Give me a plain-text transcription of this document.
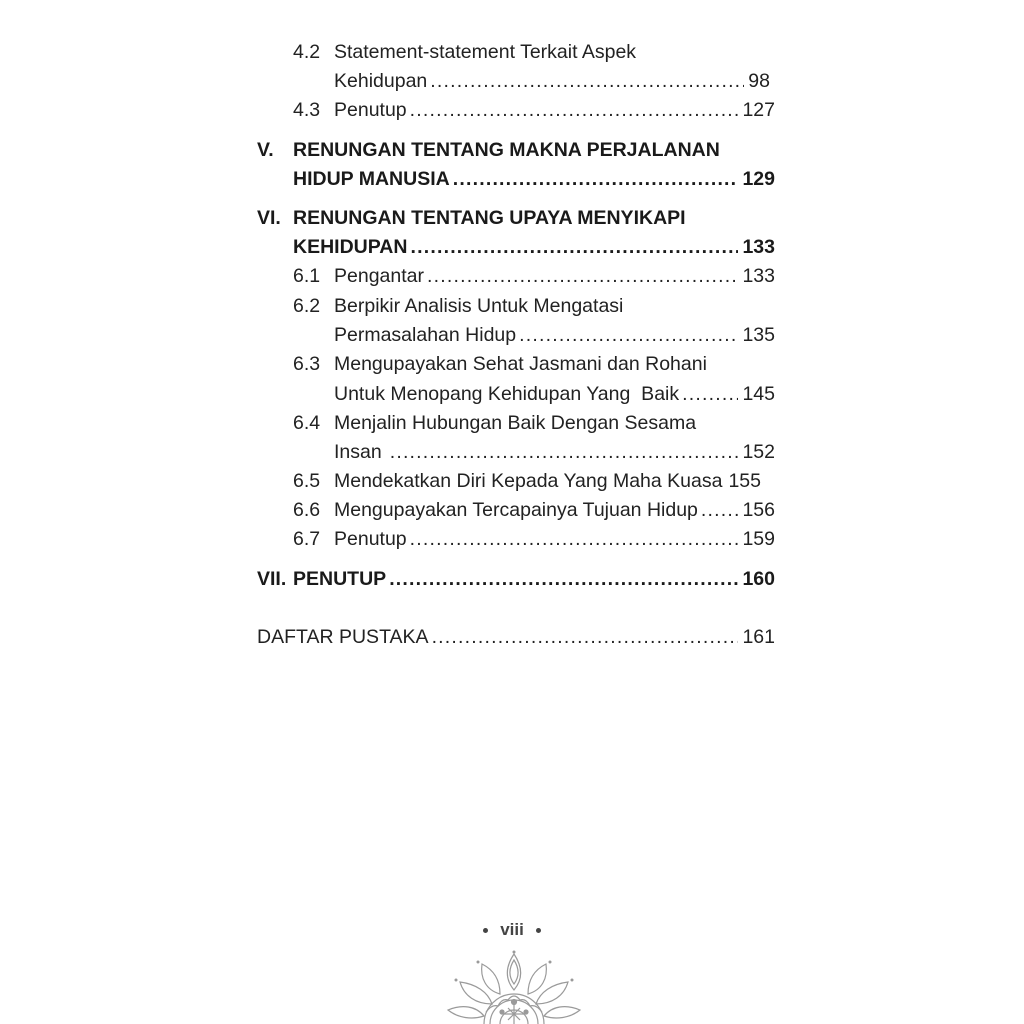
4.2 Statement-statement Terkait Aspek
Kehidupan .....	98
4.3 Penutup .....	127
V. RENUNGAN TENTANG MAKNA PERJALANAN
HIDUP MANUSIA .....	129
VI. RENUNGAN TENTANG UPAYA MENYIKAPI
KEHIDUPAN .....	133
6.1 Pengantar .....	133
6.2 Berpikir Analisis Untuk Mengatasi
Permasalahan Hidup .....	135
6.3 Mengupayakan Sehat Jasmani dan Rohani
Untuk Menopang Kehidupan Yang  Baik .....	145
6.4 Menjalin Hubungan Baik Dengan Sesama
Insan .....	152
6.5 Mendekatkan Diri Kepada Yang Maha Kuasa 155
6.6 Mengupayakan Tercapainya Tujuan Hidup ..... 156
6.7 Penutup .....	159
VII. PENUTUP .....	160
DAFTAR PUSTAKA .....	161
viii
